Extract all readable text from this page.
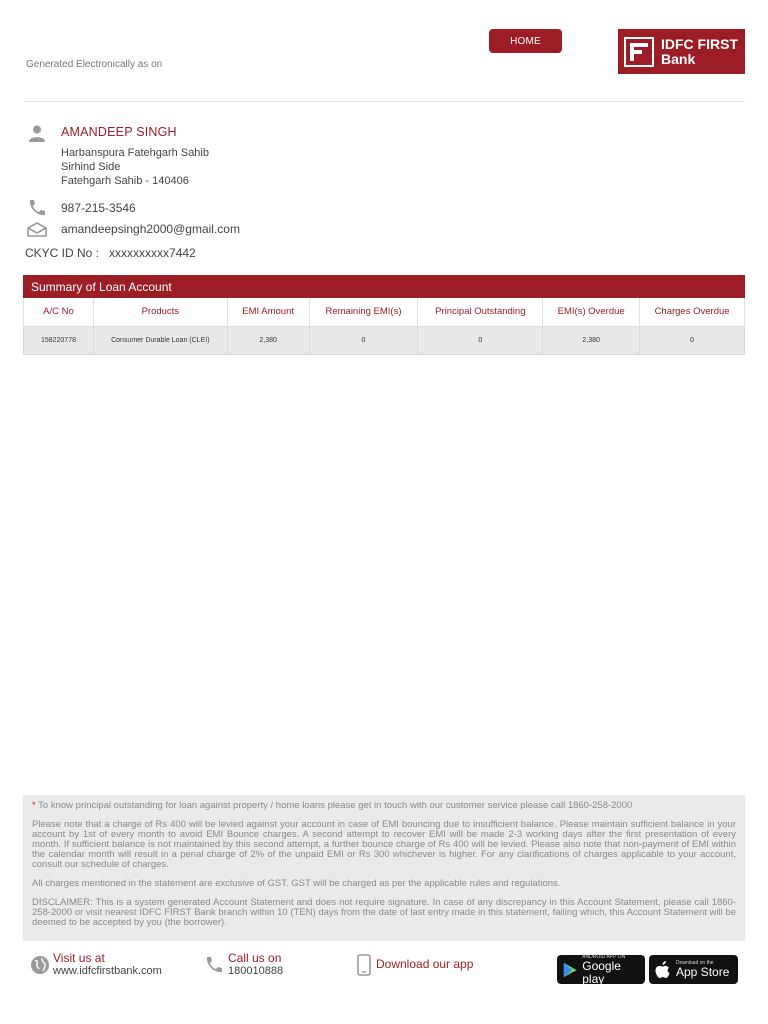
HOME	IDFC FIRST
Bank
Generated Electronically as on
AMANDEEP SINGH
Harbanspura Fatehgarh Sahib
Sirhind Side
Fatehgarh Sahib - 140406
987-215-3546
amandeepsingh2000@gmail.com
CKYC ID No : xxxxxxxxxx7442
Summary of Loan Account
A/C No	Products	EMI Amount	Remaining EMI(s)	Principal Outstanding	EMI(s) Overdue	Charges Overdue
158220778	Consumer Durable Loan (CLEI)	2,380	0	0	2,380	0

* To know principal outstanding for loan against property / home loans please get in touch with our customer service please call 1860-258-2000

Please note that a charge of Rs 400 will be levied against your account in case of EMI bouncing due to insufficient balance. Please maintain sufficient balance in your account by 1st of every month to avoid EMI Bounce charges. A second attempt to recover EMI will be made 2-3 working days after the first presentation of every month. If sufficient balance is not maintained by this second attempt, a further bounce charge of Rs 400 will be levied. Please also note that non-payment of EMI within the calendar month will result in a penal charge of 2% of the unpaid EMI or Rs 300 whichever is higher. For any clarifications of charges applicable to your account, consult our schedule of charges.

All charges mentioned in the statement are exclusive of GST. GST will be charged as per the applicable rules and regulations.

DISCLAIMER: This is a system generated Account Statement and does not require signature. In case of any discrepancy in this Account Statement, please call 1860-258-2000 or visit nearest IDFC FIRST Bank branch within 10 (TEN) days from the date of last entry made in this statement, failing which, this Account Statement will be deemed to be accepted by you (the borrower).

Visit us at
www.idfcfirstbank.com
Call us on
180010888	Download our app
ANDROID APP ON
Google play
Download on the
App Store
